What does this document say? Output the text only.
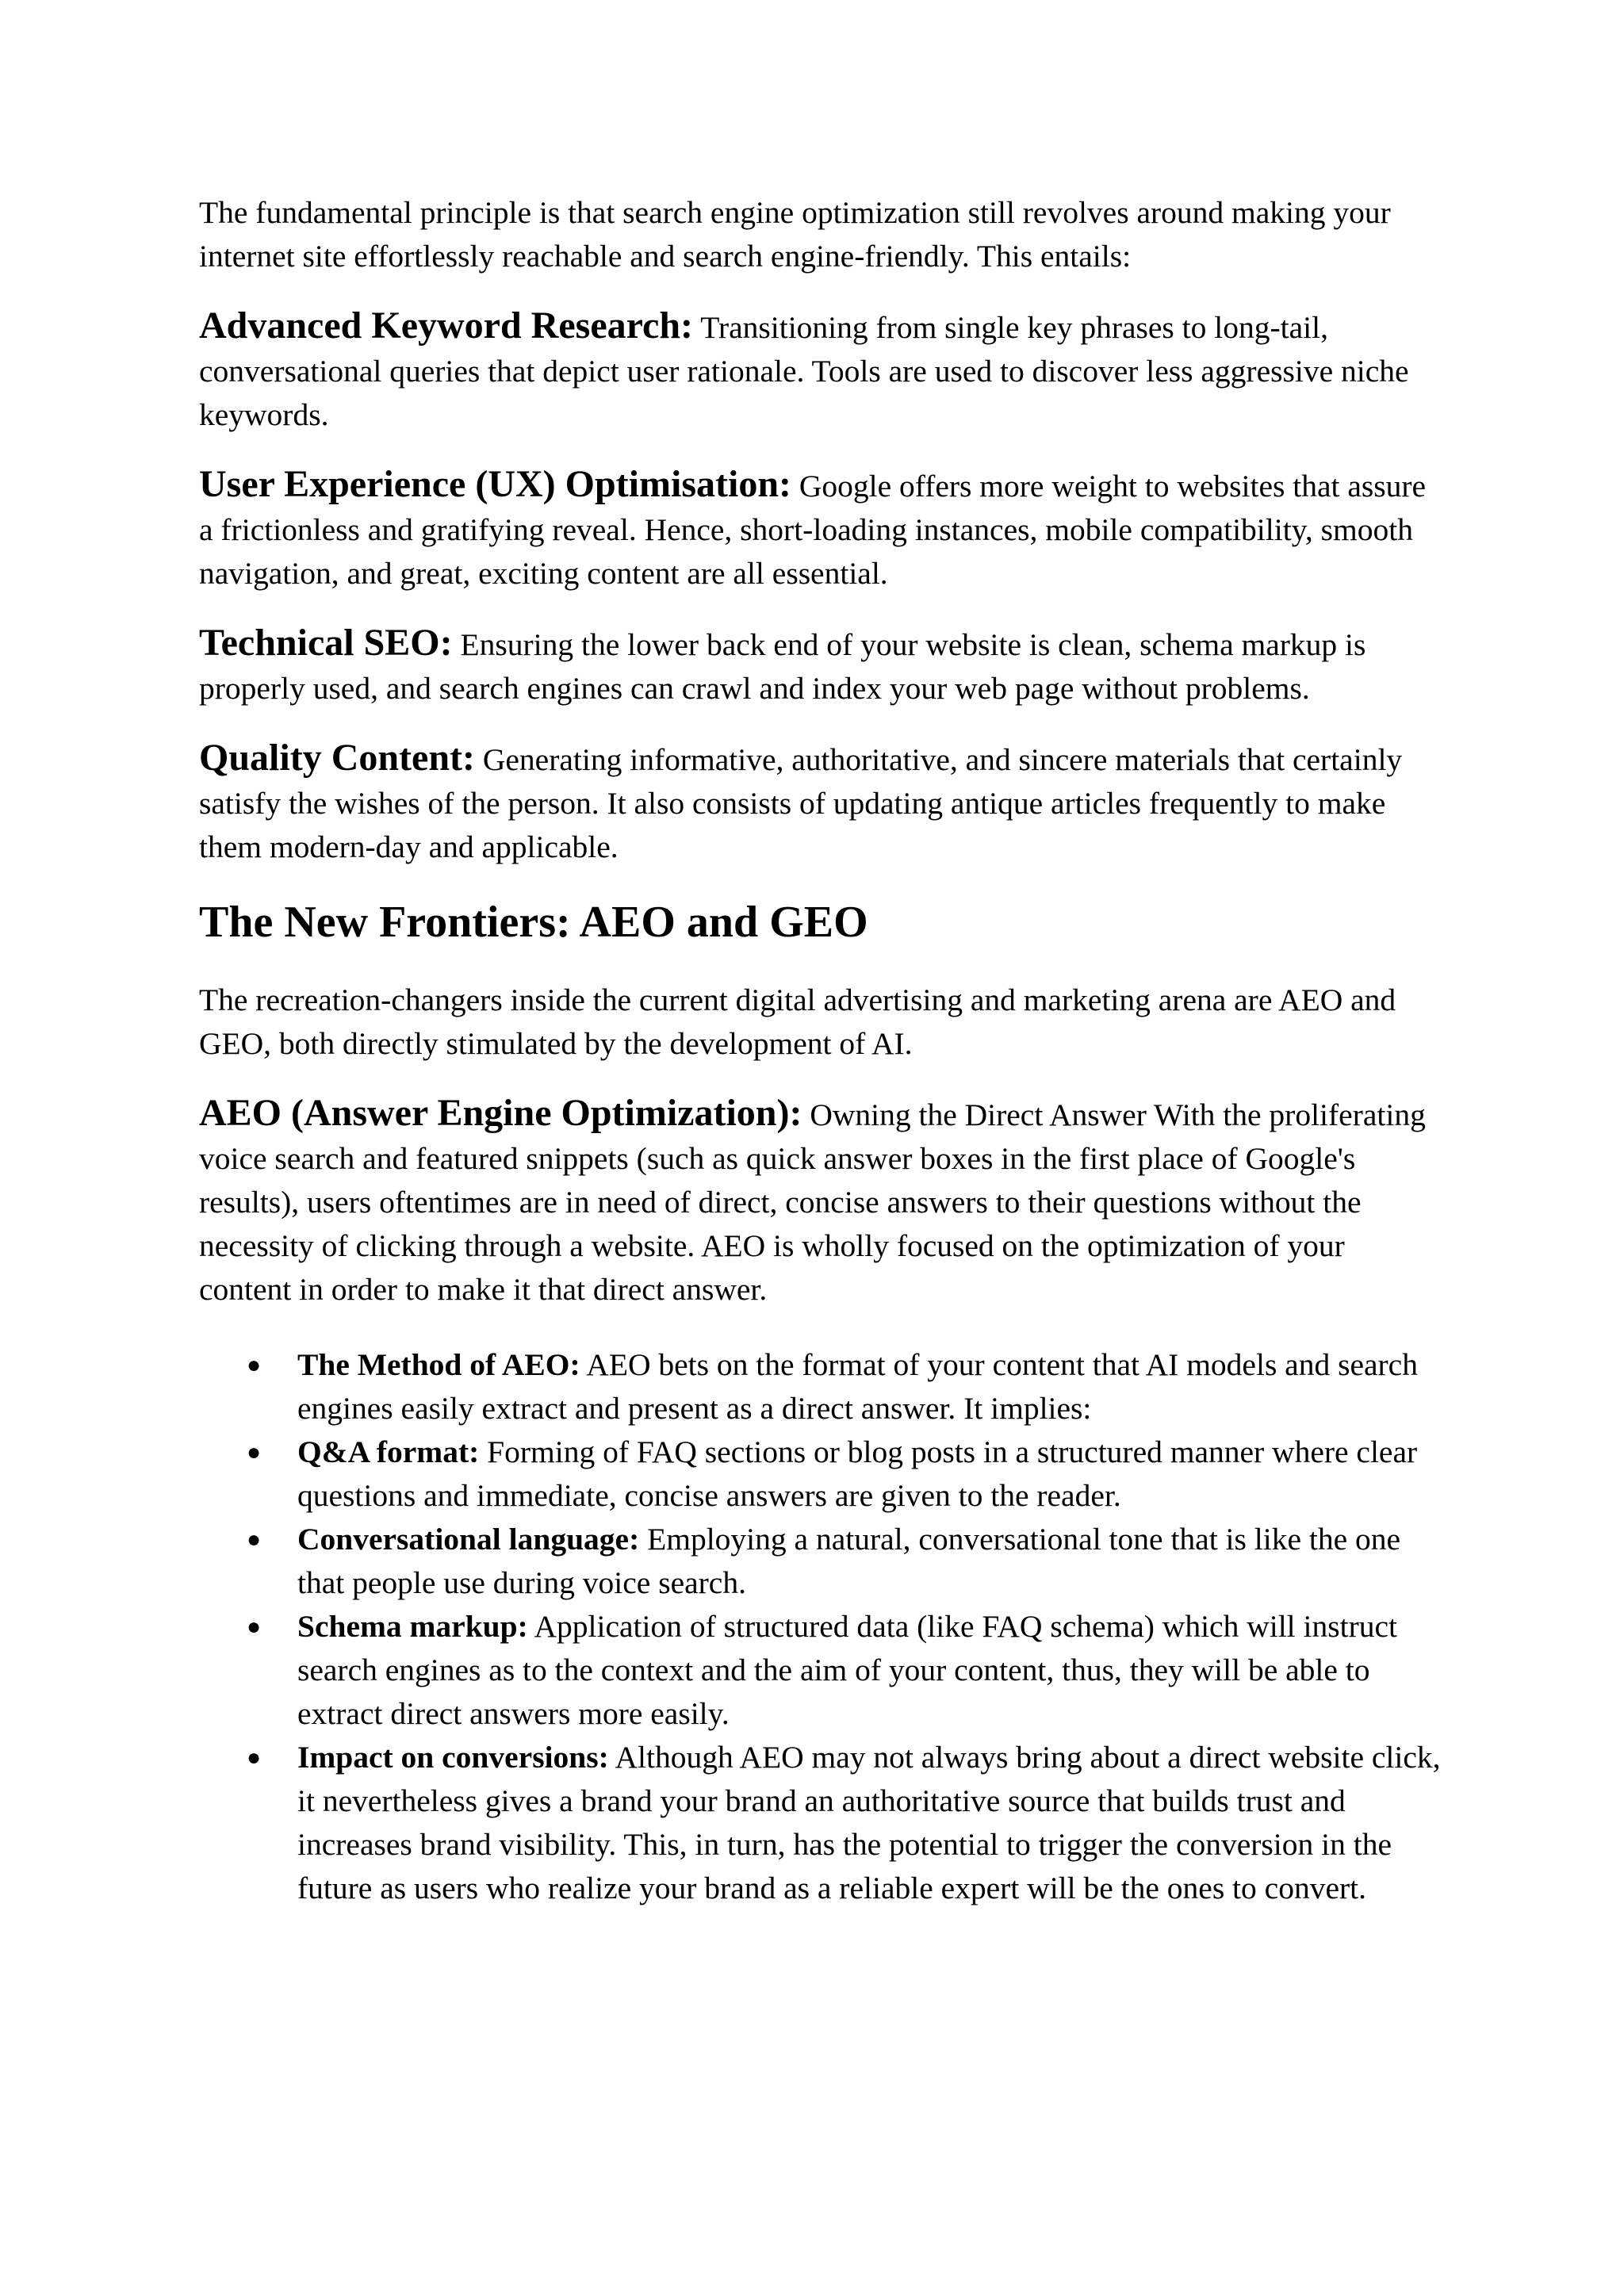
The fundamental principle is that search engine optimization still revolves around making your internet site effortlessly reachable and search engine-friendly. This entails:

Advanced Keyword Research: Transitioning from single key phrases to long-tail, conversational queries that depict user rationale. Tools are used to discover less aggressive niche keywords.

User Experience (UX) Optimisation: Google offers more weight to websites that assure a frictionless and gratifying reveal. Hence, short-loading instances, mobile compatibility, smooth navigation, and great, exciting content are all essential.

Technical SEO: Ensuring the lower back end of your website is clean, schema markup is properly used, and search engines can crawl and index your web page without problems.

Quality Content: Generating informative, authoritative, and sincere materials that certainly satisfy the wishes of the person. It also consists of updating antique articles frequently to make them modern-day and applicable.

The New Frontiers: AEO and GEO

The recreation-changers inside the current digital advertising and marketing arena are AEO and GEO, both directly stimulated by the development of AI.

AEO (Answer Engine Optimization): Owning the Direct Answer With the proliferating voice search and featured snippets (such as quick answer boxes in the first place of Google's results), users oftentimes are in need of direct, concise answers to their questions without the necessity of clicking through a website. AEO is wholly focused on the optimization of your content in order to make it that direct answer.

● The Method of AEO: AEO bets on the format of your content that AI models and search engines easily extract and present as a direct answer. It implies:
● Q&A format: Forming of FAQ sections or blog posts in a structured manner where clear questions and immediate, concise answers are given to the reader.
● Conversational language: Employing a natural, conversational tone that is like the one that people use during voice search.
● Schema markup: Application of structured data (like FAQ schema) which will instruct search engines as to the context and the aim of your content, thus, they will be able to extract direct answers more easily.
● Impact on conversions: Although AEO may not always bring about a direct website click, it nevertheless gives a brand your brand an authoritative source that builds trust and increases brand visibility. This, in turn, has the potential to trigger the conversion in the future as users who realize your brand as a reliable expert will be the ones to convert.
